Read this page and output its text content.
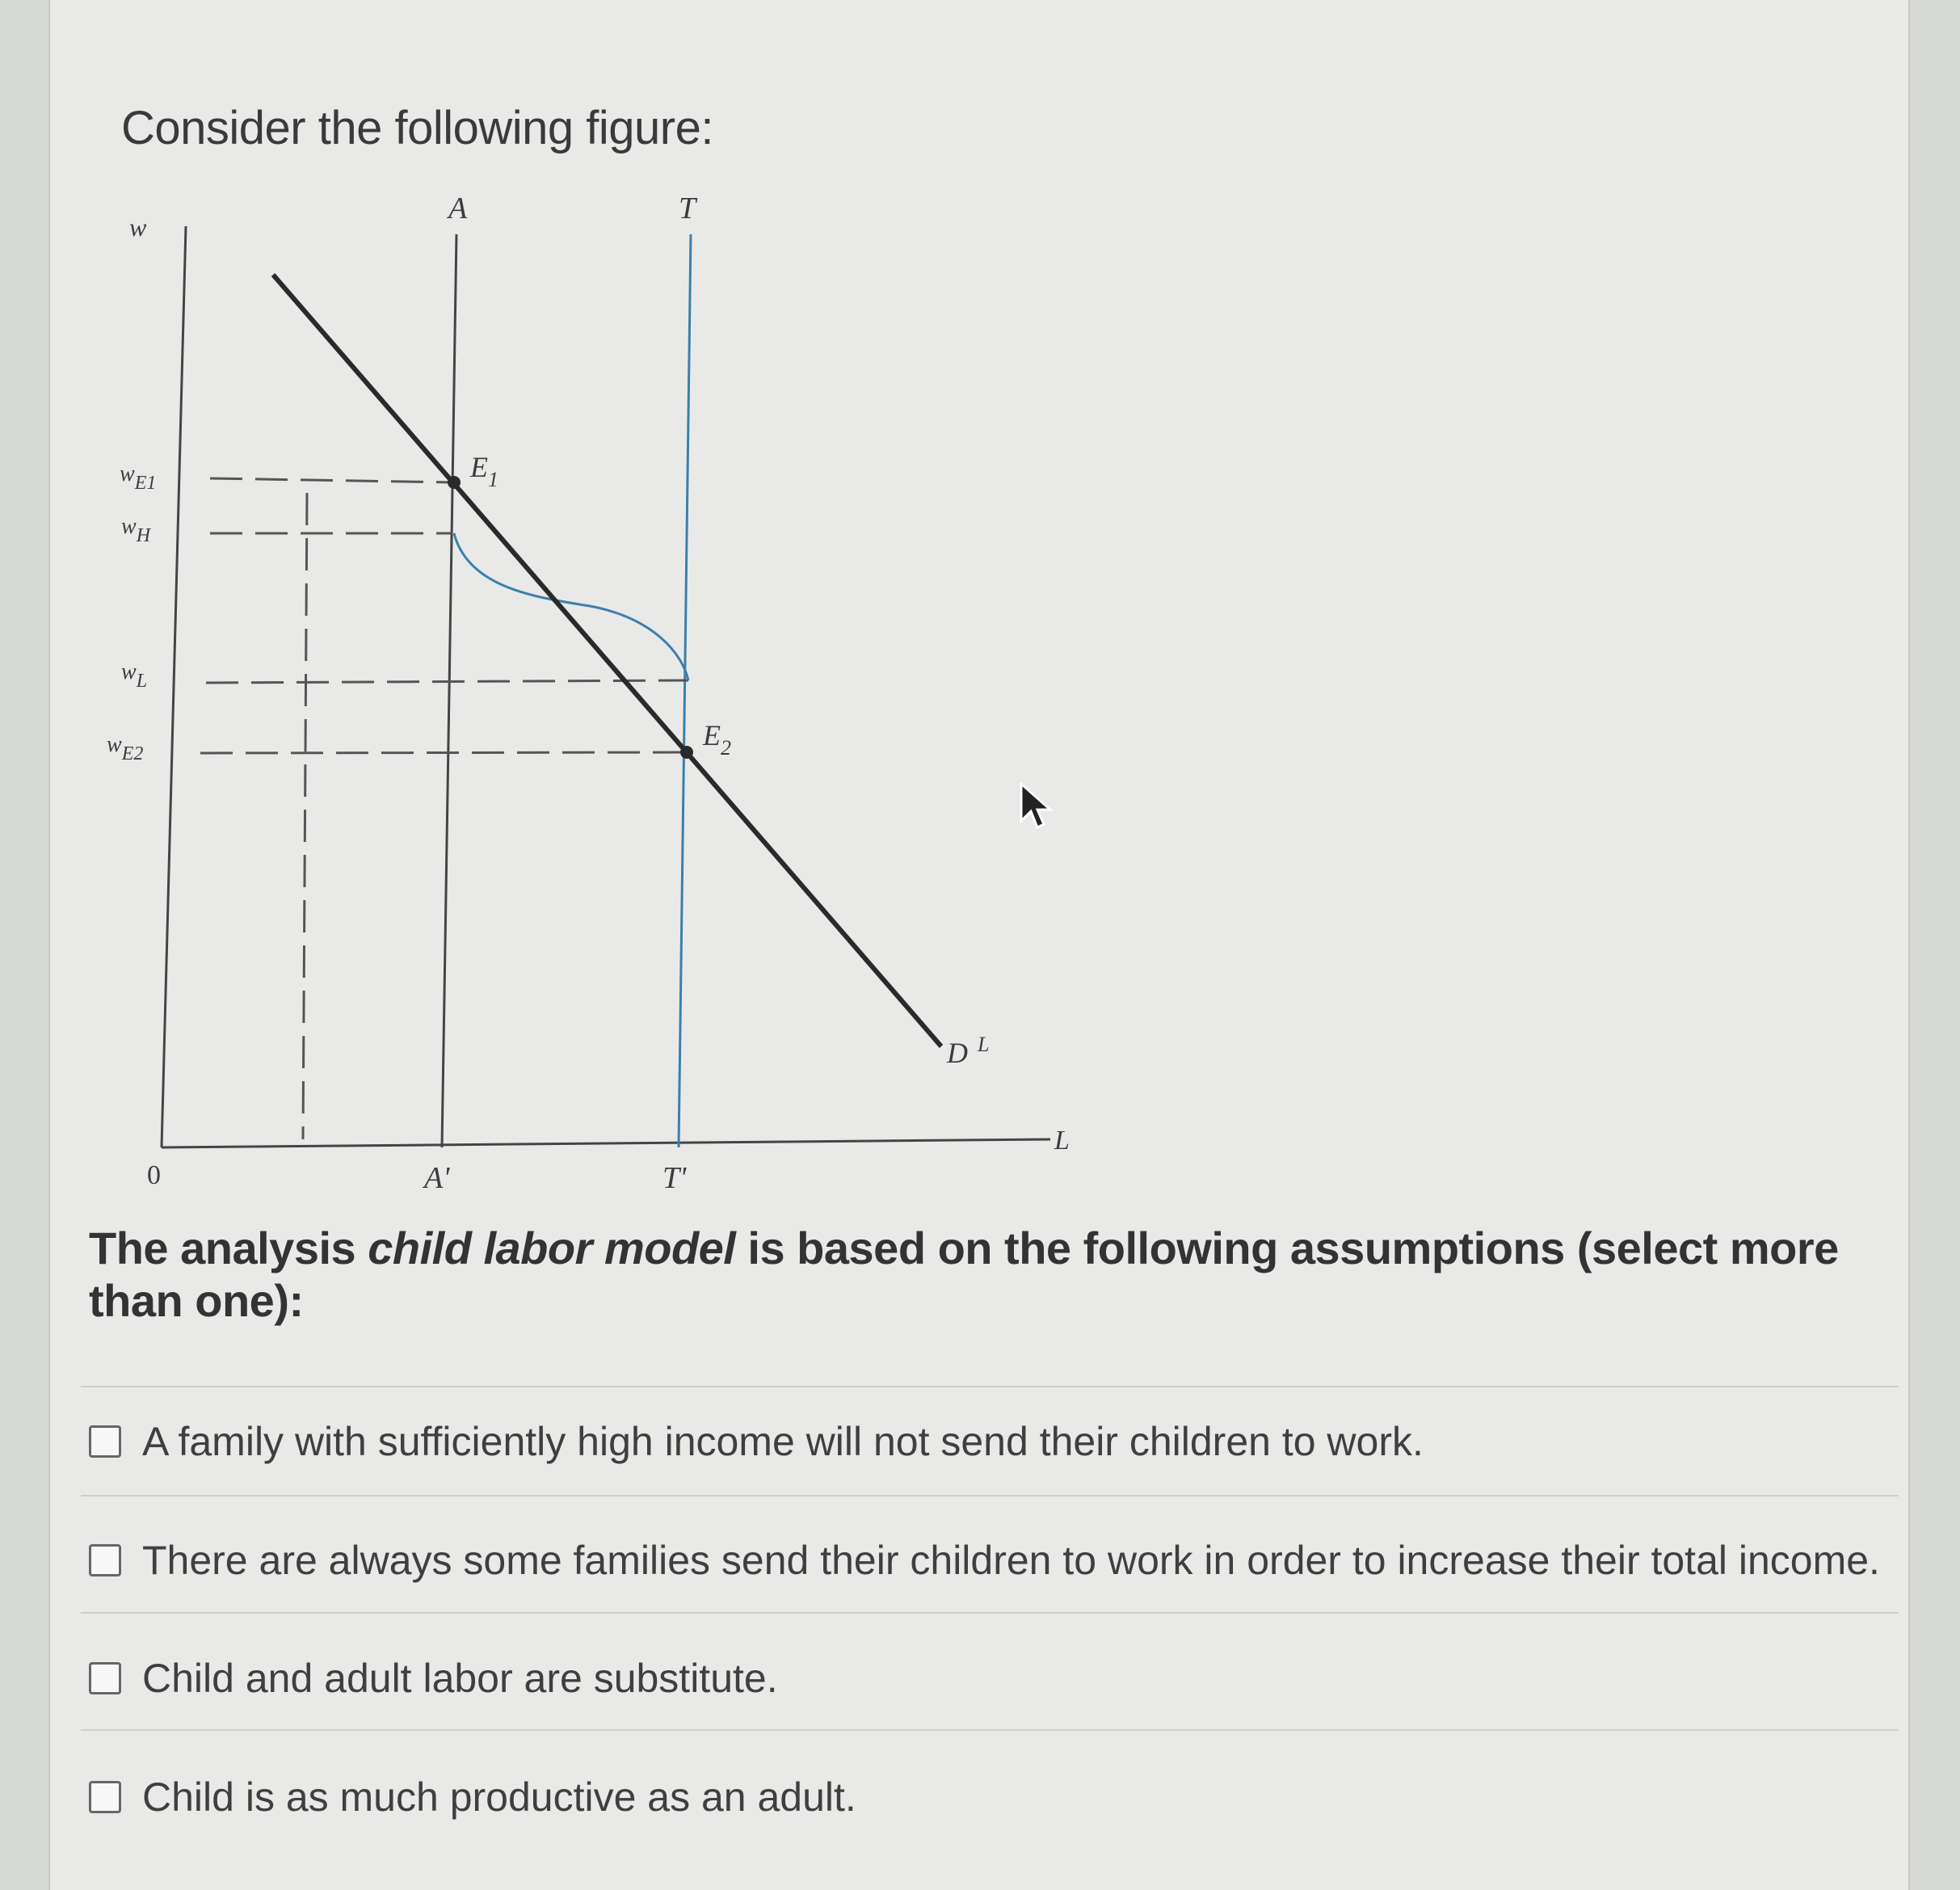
Consider the following figure:
w
L
0
A	T
A'	T'
wE1
wH
wL
wE2
$E_1$
$E_2$
D $^L$
The analysis child labor model is based on the following assumptions (select more than one):
A family with sufficiently high income will not send their children to work.
There are always some families send their children to work in order to increase their total income.
Child and adult labor are substitute.
Child is as much productive as an adult.
